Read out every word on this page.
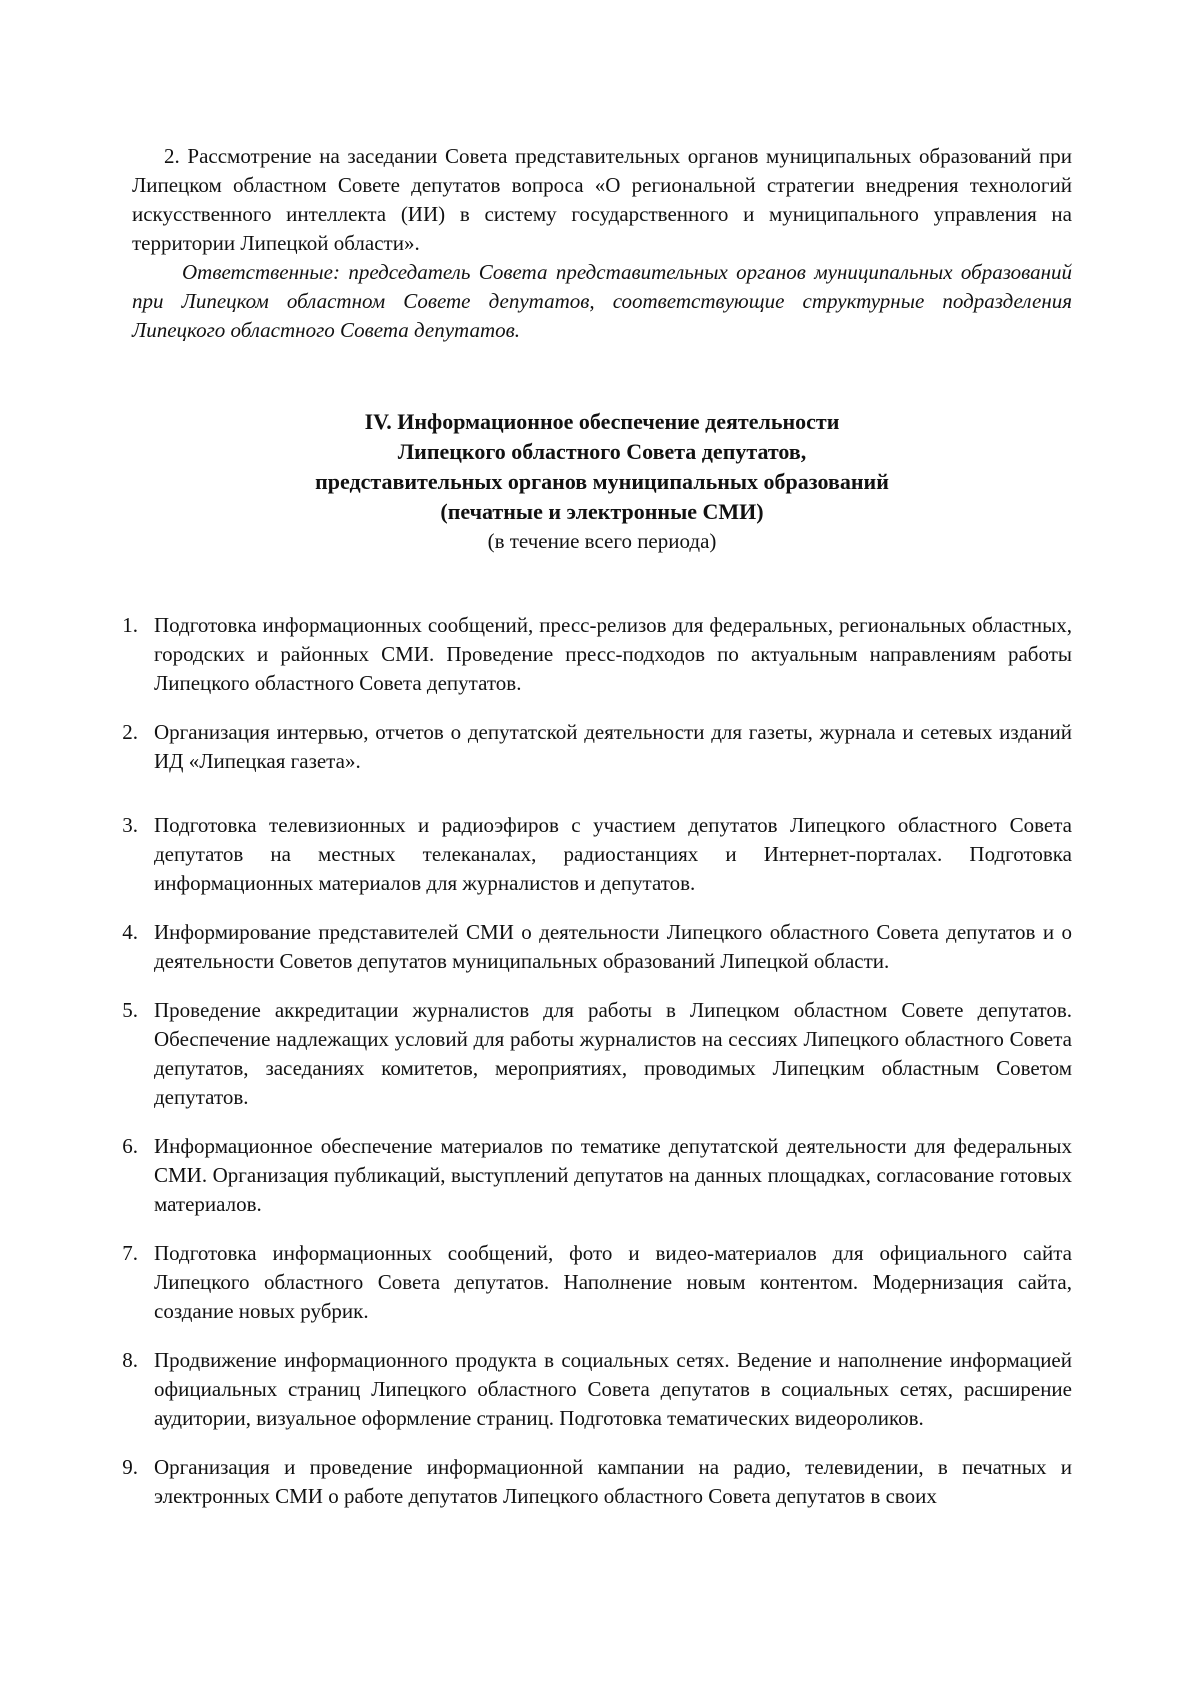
2. Рассмотрение на заседании Совета представительных органов муниципальных образований при Липецком областном Совете депутатов вопроса «О региональной стратегии внедрения технологий искусственного интеллекта (ИИ) в систему государственного и муниципального управления на территории Липецкой области».

Ответственные: председатель Совета представительных органов муниципальных образований при Липецком областном Совете депутатов, соответствующие структурные подразделения Липецкого областного Совета депутатов.

IV. Информационное обеспечение деятельности
Липецкого областного Совета депутатов,
представительных органов муниципальных образований
(печатные и электронные СМИ)
(в течение всего периода)
1. Подготовка информационных сообщений, пресс-релизов для федеральных, региональных областных, городских и районных СМИ. Проведение пресс-подходов по актуальным направлениям работы Липецкого областного Совета депутатов.
2. Организация интервью, отчетов о депутатской деятельности для газеты, журнала и сетевых изданий ИД «Липецкая газета».
3. Подготовка телевизионных и радиоэфиров с участием депутатов Липецкого областного Совета депутатов на местных телеканалах, радиостанциях и Интернет-порталах. Подготовка информационных материалов для журналистов и депутатов.
4. Информирование представителей СМИ о деятельности Липецкого областного Совета депутатов и о деятельности Советов депутатов муниципальных образований Липецкой области.
5. Проведение аккредитации журналистов для работы в Липецком областном Совете депутатов. Обеспечение надлежащих условий для работы журналистов на сессиях Липецкого областного Совета депутатов, заседаниях комитетов, мероприятиях, проводимых Липецким областным Советом депутатов.
6. Информационное обеспечение материалов по тематике депутатской деятельности для федеральных СМИ. Организация публикаций, выступлений депутатов на данных площадках, согласование готовых материалов.
7. Подготовка информационных сообщений, фото и видео-материалов для официального сайта Липецкого областного Совета депутатов. Наполнение новым контентом. Модернизация сайта, создание новых рубрик.
8. Продвижение информационного продукта в социальных сетях. Ведение и наполнение информацией официальных страниц Липецкого областного Совета депутатов в социальных сетях, расширение аудитории, визуальное оформление страниц. Подготовка тематических видеороликов.
9. Организация и проведение информационной кампании на радио, телевидении, в печатных и электронных СМИ о работе депутатов Липецкого областного Совета депутатов в своих
